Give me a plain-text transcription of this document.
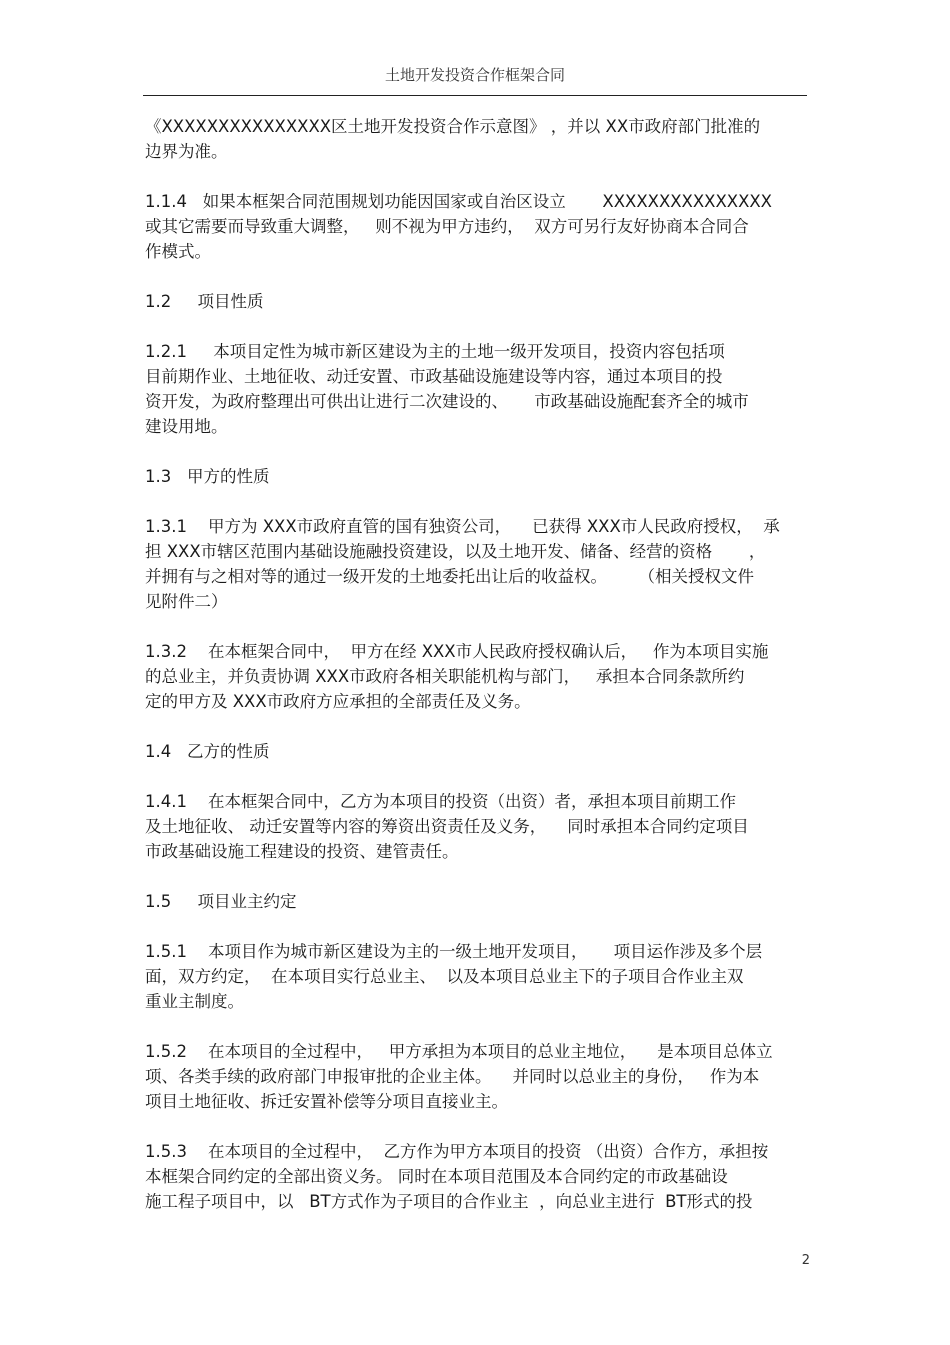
土地开发投资合作框架合同
《XXXXXXXXXXXXXXX区土地开发投资合作示意图》 ，并以 XX市政府部门批准的
边界为准。
1.1.4   如果本框架合同范围规划功能因国家或自治区设立       XXXXXXXXXXXXXXX
或其它需要而导致重大调整，   则不视为甲方违约，  双方可另行友好协商本合同合
作模式。
1.2     项目性质
1.2.1     本项目定性为城市新区建设为主的土地一级开发项目，投资内容包括项
目前期作业、土地征收、动迁安置、市政基础设施建设等内容，通过本项目的投
资开发，为政府整理出可供出让进行二次建设的、     市政基础设施配套齐全的城市
建设用地。
1.3   甲方的性质
1.3.1    甲方为 XXX市政府直管的国有独资公司，    已获得 XXX市人民政府授权，  承
担 XXX市辖区范围内基础设施融投资建设，以及土地开发、储备、经营的资格       ，
并拥有与之相对等的通过一级开发的土地委托出让后的收益权。      （相关授权文件
见附件二）
1.3.2    在本框架合同中，  甲方在经 XXX市人民政府授权确认后，   作为本项目实施
的总业主，并负责协调 XXX市政府各相关职能机构与部门，   承担本合同条款所约
定的甲方及 XXX市政府方应承担的全部责任及义务。
1.4   乙方的性质
1.4.1    在本框架合同中，乙方为本项目的投资（出资）者，承担本项目前期工作
及土地征收、 动迁安置等内容的筹资出资责任及义务，    同时承担本合同约定项目
市政基础设施工程建设的投资、建管责任。
1.5     项目业主约定
1.5.1    本项目作为城市新区建设为主的一级土地开发项目，     项目运作涉及多个层
面，双方约定，  在本项目实行总业主、  以及本项目总业主下的子项目合作业主双
重业主制度。
1.5.2    在本项目的全过程中，   甲方承担为本项目的总业主地位，    是本项目总体立
项、各类手续的政府部门申报审批的企业主体。    并同时以总业主的身份，   作为本
项目土地征收、拆迁安置补偿等分项目直接业主。
1.5.3    在本项目的全过程中，  乙方作为甲方本项目的投资 （出资）合作方，承担按
本框架合同约定的全部出资义务。 同时在本项目范围及本合同约定的市政基础设
施工程子项目中，以   BT方式作为子项目的合作业主  ，向总业主进行  BT形式的投
2
